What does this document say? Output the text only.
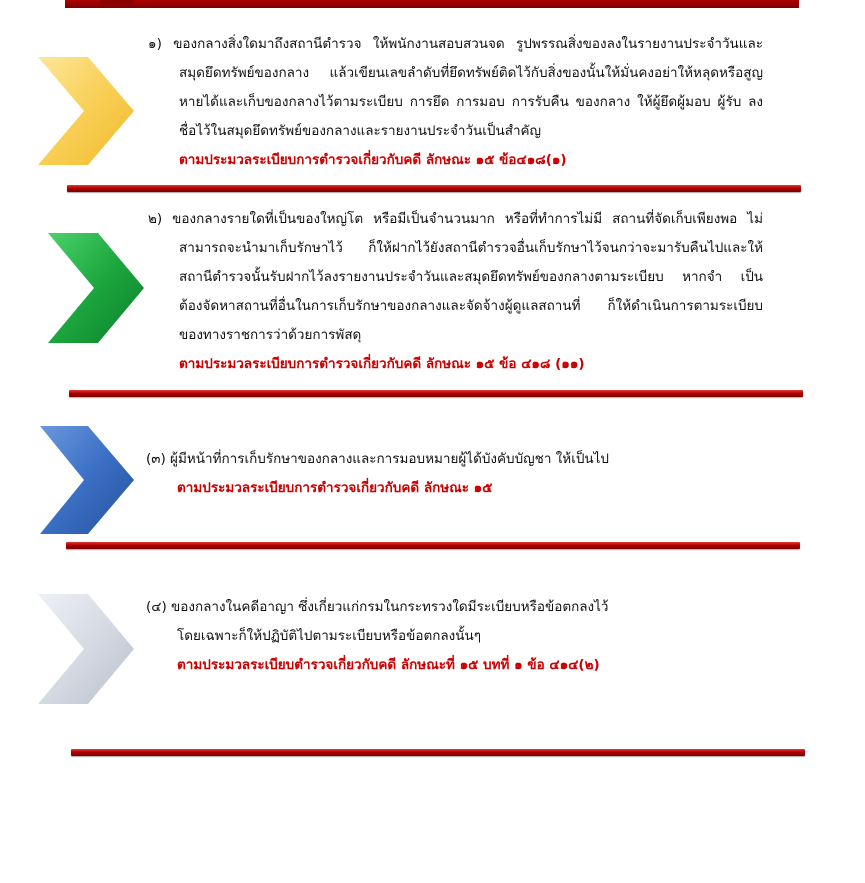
๑) ของกลางสิ่งใดมาถึงสถานีตำรวจ ให้พนักงานสอบสวนจด รูปพรรณสิ่งของลงในรายงานประจำวันและ
สมุดยึดทรัพย์ของกลาง แล้วเขียนเลขลำดับที่ยึดทรัพย์ติดไว้กับสิ่งของนั้นให้มั่นคงอย่าให้หลุดหรือสูญ
หายได้และเก็บของกลางไว้ตามระเบียบ การยึด การมอบ การรับคืน ของกลาง ให้ผู้ยึดผู้มอบ ผู้รับ ลง
ชื่อไว้ในสมุดยึดทรัพย์ของกลางและรายงานประจำวันเป็นสำคัญ
ตามประมวลระเบียบการตำรวจเกี่ยวกับคดี ลักษณะ ๑๕ ข้อ๔๑๘(๑)
๒) ของกลางรายใดที่เป็นของใหญ่โต หรือมีเป็นจำนวนมาก หรือที่ทำการไม่มี สถานที่จัดเก็บเพียงพอ ไม่
สามารถจะนำมาเก็บรักษาไว้ ก็ให้ฝากไว้ยังสถานีตำรวจอื่นเก็บรักษาไว้จนกว่าจะมารับคืนไปและให้
สถานีตำรวจนั้นรับฝากไว้ลงรายงานประจำวันและสมุดยึดทรัพย์ของกลางตามระเบียบ หากจำ เป็น
ต้องจัดหาสถานที่อื่นในการเก็บรักษาของกลางและจัดจ้างผู้ดูแลสถานที่ ก็ให้ดำเนินการตามระเบียบ
ของทางราชการว่าด้วยการพัสดุ
ตามประมวลระเบียบการตำรวจเกี่ยวกับคดี ลักษณะ ๑๕ ข้อ ๔๑๘ (๑๑)
(๓) ผู้มีหน้าที่การเก็บรักษาของกลางและการมอบหมายผู้ได้บังคับบัญชา ให้เป็นไป
ตามประมวลระเบียบการตำรวจเกี่ยวกับคดี ลักษณะ ๑๕
(๔) ของกลางในคดีอาญา ซึ่งเกี่ยวแก่กรมในกระทรวงใดมีระเบียบหรือข้อตกลงไว้
โดยเฉพาะก็ให้ปฏิบัติไปตามระเบียบหรือข้อตกลงนั้นๆ
ตามประมวลระเบียบตำรวจเกี่ยวกับคดี ลักษณะที่ ๑๕ บทที่ ๑ ข้อ ๔๑๔(๒)
